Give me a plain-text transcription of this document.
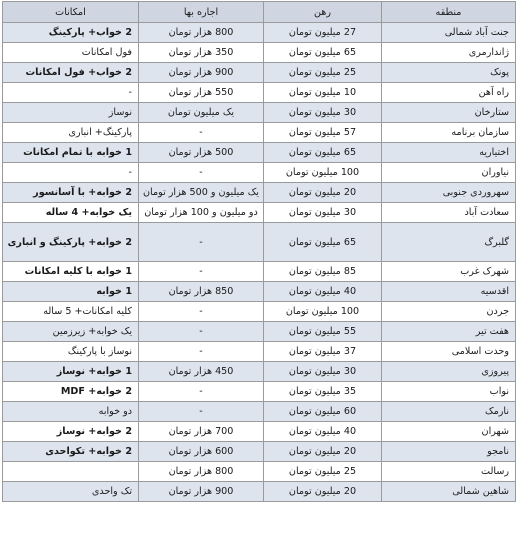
منطقه	رهن	اجاره بها	امکانات
جنت آباد شمالی	27 میلیون تومان	800 هزار تومان	2 خواب+ پارکینگ
ژاندارمری	65 میلیون تومان	350 هزار تومان	فول امکانات
پونک	25 میلیون تومان	900 هزار تومان	2 خواب+ فول امکانات
راه آهن	10 میلیون تومان	550 هزار تومان	-
ستارخان	30 میلیون تومان	یک میلیون تومان	نوساز
سازمان برنامه	57 میلیون تومان	-	پارکینگ+ انباری
اختیاریه	65 میلیون تومان	500 هزار تومان	1 خوابه با تمام امکانات
نیاوران	100 میلیون تومان	-	-
سهروردی جنوبی	20 میلیون تومان	یک میلیون و 500 هزار تومان	2 خوابه+ با آسانسور
سعادت آباد	30 میلیون تومان	دو میلیون و 100 هزار تومان	یک خوابه+ 4 ساله
گلبرگ	65 میلیون تومان	-	2 خوابه+ پارکینگ و انباری
شهرک غرب	85 میلیون تومان	-	1 خوابه با کلیه امکانات
اقدسیه	40 میلیون تومان	850 هزار تومان	1 خوابه
جردن	100 میلیون تومان	-	کلیه امکانات+ 5 ساله
هفت تیر	55 میلیون تومان	-	یک خوابه+ زیرزمین
وحدت اسلامی	37 میلیون تومان	-	نوساز با پارکینگ
پیروزی	30 میلیون تومان	450 هزار تومان	1 خوابه+ نوساز
نواب	35 میلیون تومان	-	2 خوابه+ MDF
نارمک	60 میلیون تومان	-	دو خوابه
شهران	40 میلیون تومان	700 هزار تومان	2 خوابه+ نوساز
نامجو	20 میلیون تومان	600 هزار تومان	2 خوابه+ تکواحدی
رسالت	25 میلیون تومان	800 هزار تومان	
شاهین شمالی	20 میلیون تومان	900 هزار تومان	تک واحدی
